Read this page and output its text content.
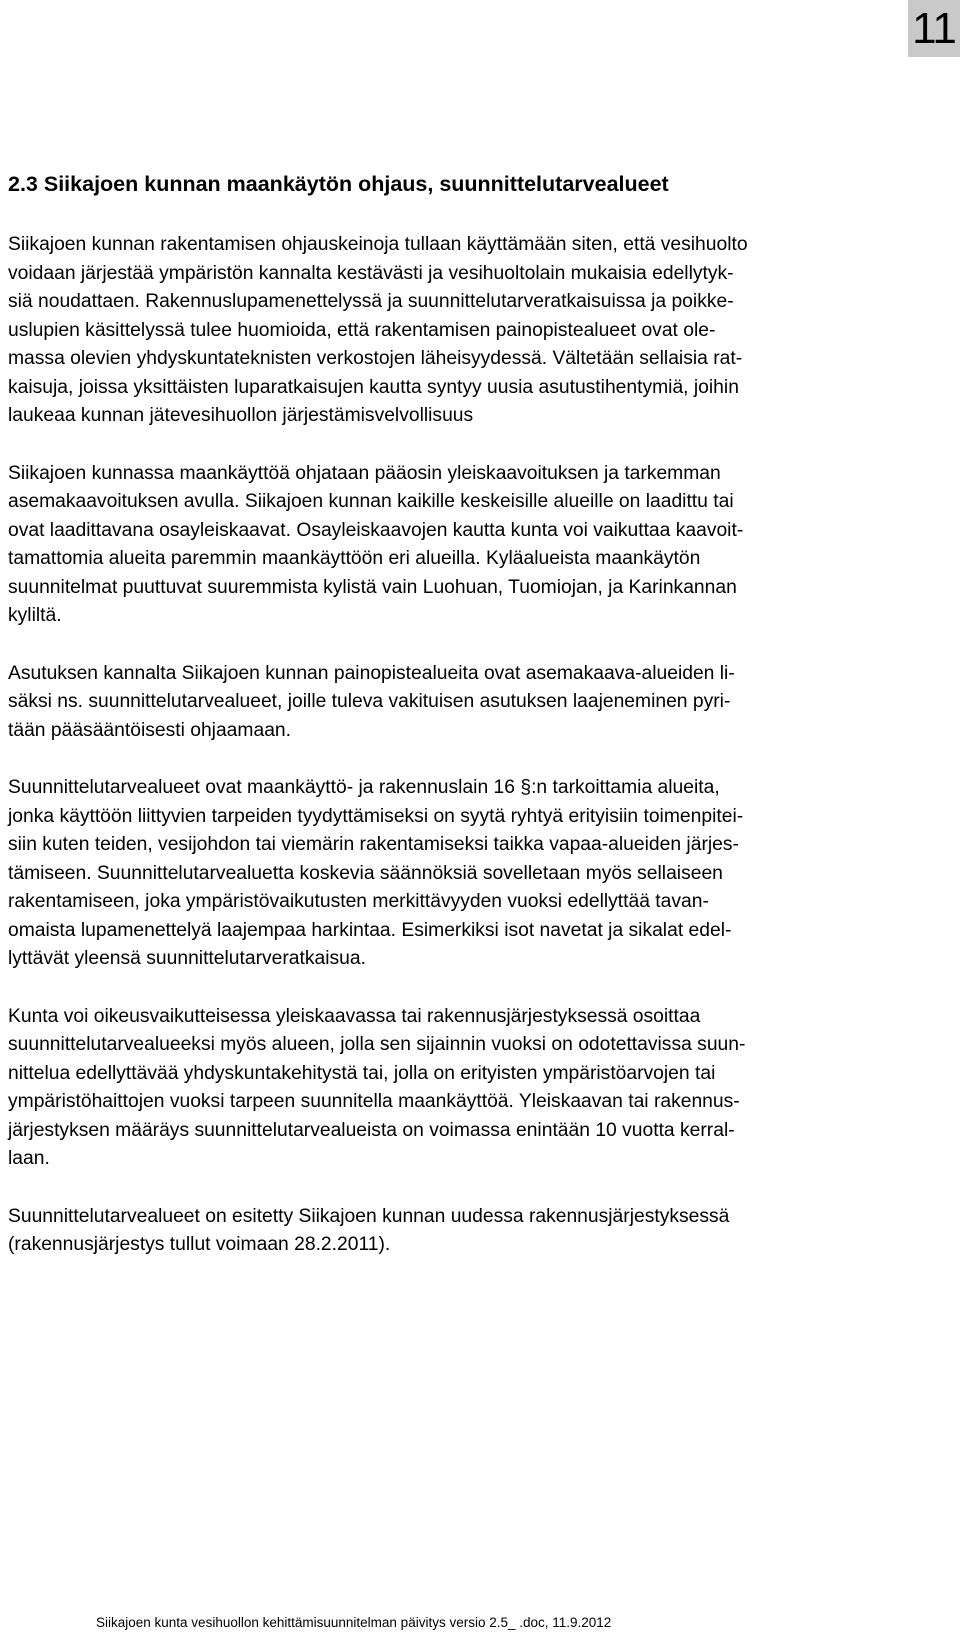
11
2.3 Siikajoen kunnan maankäytön ohjaus, suunnittelutarvealueet

Siikajoen kunnan rakentamisen ohjauskeinoja tullaan käyttämään siten, että vesihuolto
voidaan järjestää ympäristön kannalta kestävästi ja vesihuoltolain mukaisia edellytyk-
siä noudattaen. Rakennuslupamenettelyssä ja suunnittelutarveratkaisuissa ja poikke-
uslupien käsittelyssä tulee huomioida, että rakentamisen painopistealueet ovat ole-
massa olevien yhdyskuntateknisten verkostojen läheisyydessä. Vältetään sellaisia rat-
kaisuja, joissa yksittäisten luparatkaisujen kautta syntyy uusia asutustihentymiä, joihin
laukeaa kunnan jätevesihuollon järjestämisvelvollisuus

Siikajoen kunnassa maankäyttöä ohjataan pääosin yleiskaavoituksen ja tarkemman
asemakaavoituksen avulla. Siikajoen kunnan kaikille keskeisille alueille on laadittu tai
ovat laadittavana osayleiskaavat. Osayleiskaavojen kautta kunta voi vaikuttaa kaavoit-
tamattomia alueita paremmin maankäyttöön eri alueilla. Kyläalueista maankäytön
suunnitelmat puuttuvat suuremmista kylistä vain Luohuan, Tuomiojan, ja Karinkannan
kyliltä.

Asutuksen kannalta Siikajoen kunnan painopistealueita ovat asemakaava-alueiden li-
säksi ns. suunnittelutarvealueet, joille tuleva vakituisen asutuksen laajeneminen pyri-
tään pääsääntöisesti ohjaamaan.

Suunnittelutarvealueet ovat maankäyttö- ja rakennuslain 16 §:n tarkoittamia alueita,
jonka käyttöön liittyvien tarpeiden tyydyttämiseksi on syytä ryhtyä erityisiin toimenpitei-
siin kuten teiden, vesijohdon tai viemärin rakentamiseksi taikka vapaa-alueiden järjes-
tämiseen. Suunnittelutarvealuetta koskevia säännöksiä sovelletaan myös sellaiseen
rakentamiseen, joka ympäristövaikutusten merkittävyyden vuoksi edellyttää tavan-
omaista lupamenettelyä laajempaa harkintaa. Esimerkiksi isot navetat ja sikalat edel-
lyttävät yleensä suunnittelutarveratkaisua.

Kunta voi oikeusvaikutteisessa yleiskaavassa tai rakennusjärjestyksessä osoittaa
suunnittelutarvealueeksi myös alueen, jolla sen sijainnin vuoksi on odotettavissa suun-
nittelua edellyttävää yhdyskuntakehitystä tai, jolla on erityisten ympäristöarvojen tai
ympäristöhaittojen vuoksi tarpeen suunnitella maankäyttöä. Yleiskaavan tai rakennus-
järjestyksen määräys suunnittelutarvealueista on voimassa enintään 10 vuotta kerral-
laan.

Suunnittelutarvealueet on esitetty Siikajoen kunnan uudessa rakennusjärjestyksessä
(rakennusjärjestys tullut voimaan 28.2.2011).

Siikajoen kunta vesihuollon kehittämisuunnitelman päivitys versio 2.5_ .doc, 11.9.2012
